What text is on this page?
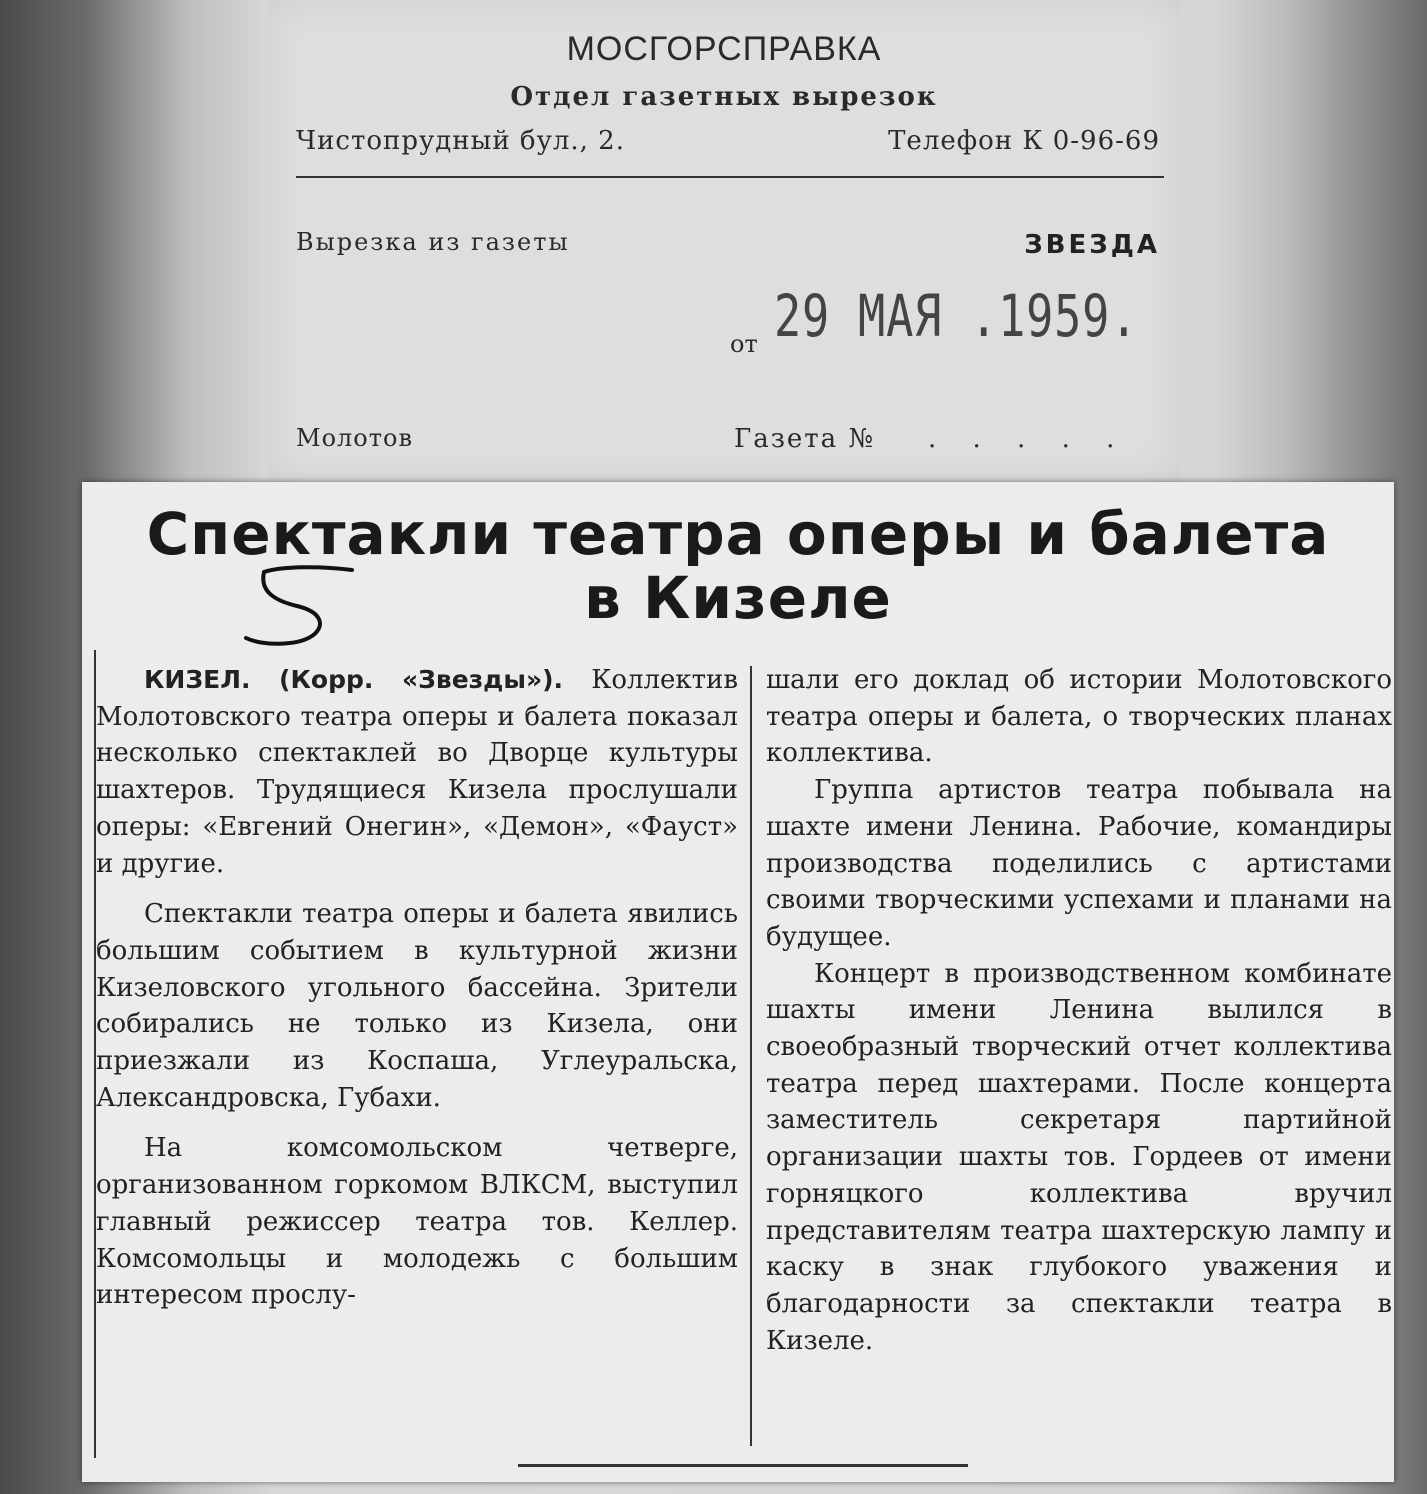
МОСГОРСПРАВКА
Отдел газетных вырезок
Чистопрудный бул., 2.	Телефон К 0-96-69
Вырезка из газеты	ЗВЕЗДА
от 29 МАЯ .1959.
Молотов	Газета № . . . . .
Спектакли театра оперы и балета
в Кизеле

КИЗЕЛ. (Корр. «Звезды»). Коллектив Молотовского театра оперы и балета показал несколько спектаклей во Дворце культуры шахтеров. Трудящиеся Кизела прослушали оперы: «Евгений Онегин», «Демон», «Фауст» и другие.

Спектакли театра оперы и балета явились большим событием в культурной жизни Кизеловского угольного бассейна. Зрители собирались не только из Кизела, они приезжали из Коспаша, Углеуральска, Александровска, Губахи.

На комсомольском четверге, организованном горкомом ВЛКСМ, выступил главный режиссер театра тов. Келлер. Комсомольцы и молодежь с большим интересом прослу-

шали его доклад об истории Молотовского театра оперы и балета, о творческих планах коллектива.

Группа артистов театра побывала на шахте имени Ленина. Рабочие, командиры производства поделились с артистами своими творческими успехами и планами на будущее.

Концерт в производственном комбинате шахты имени Ленина вылился в своеобразный творческий отчет коллектива театра перед шахтерами. После концерта заместитель секретаря партийной организации шахты тов. Гордеев от имени горняцкого коллектива вручил представителям театра шахтерскую лампу и каску в знак глубокого уважения и благодарности за спектакли театра в Кизеле.
